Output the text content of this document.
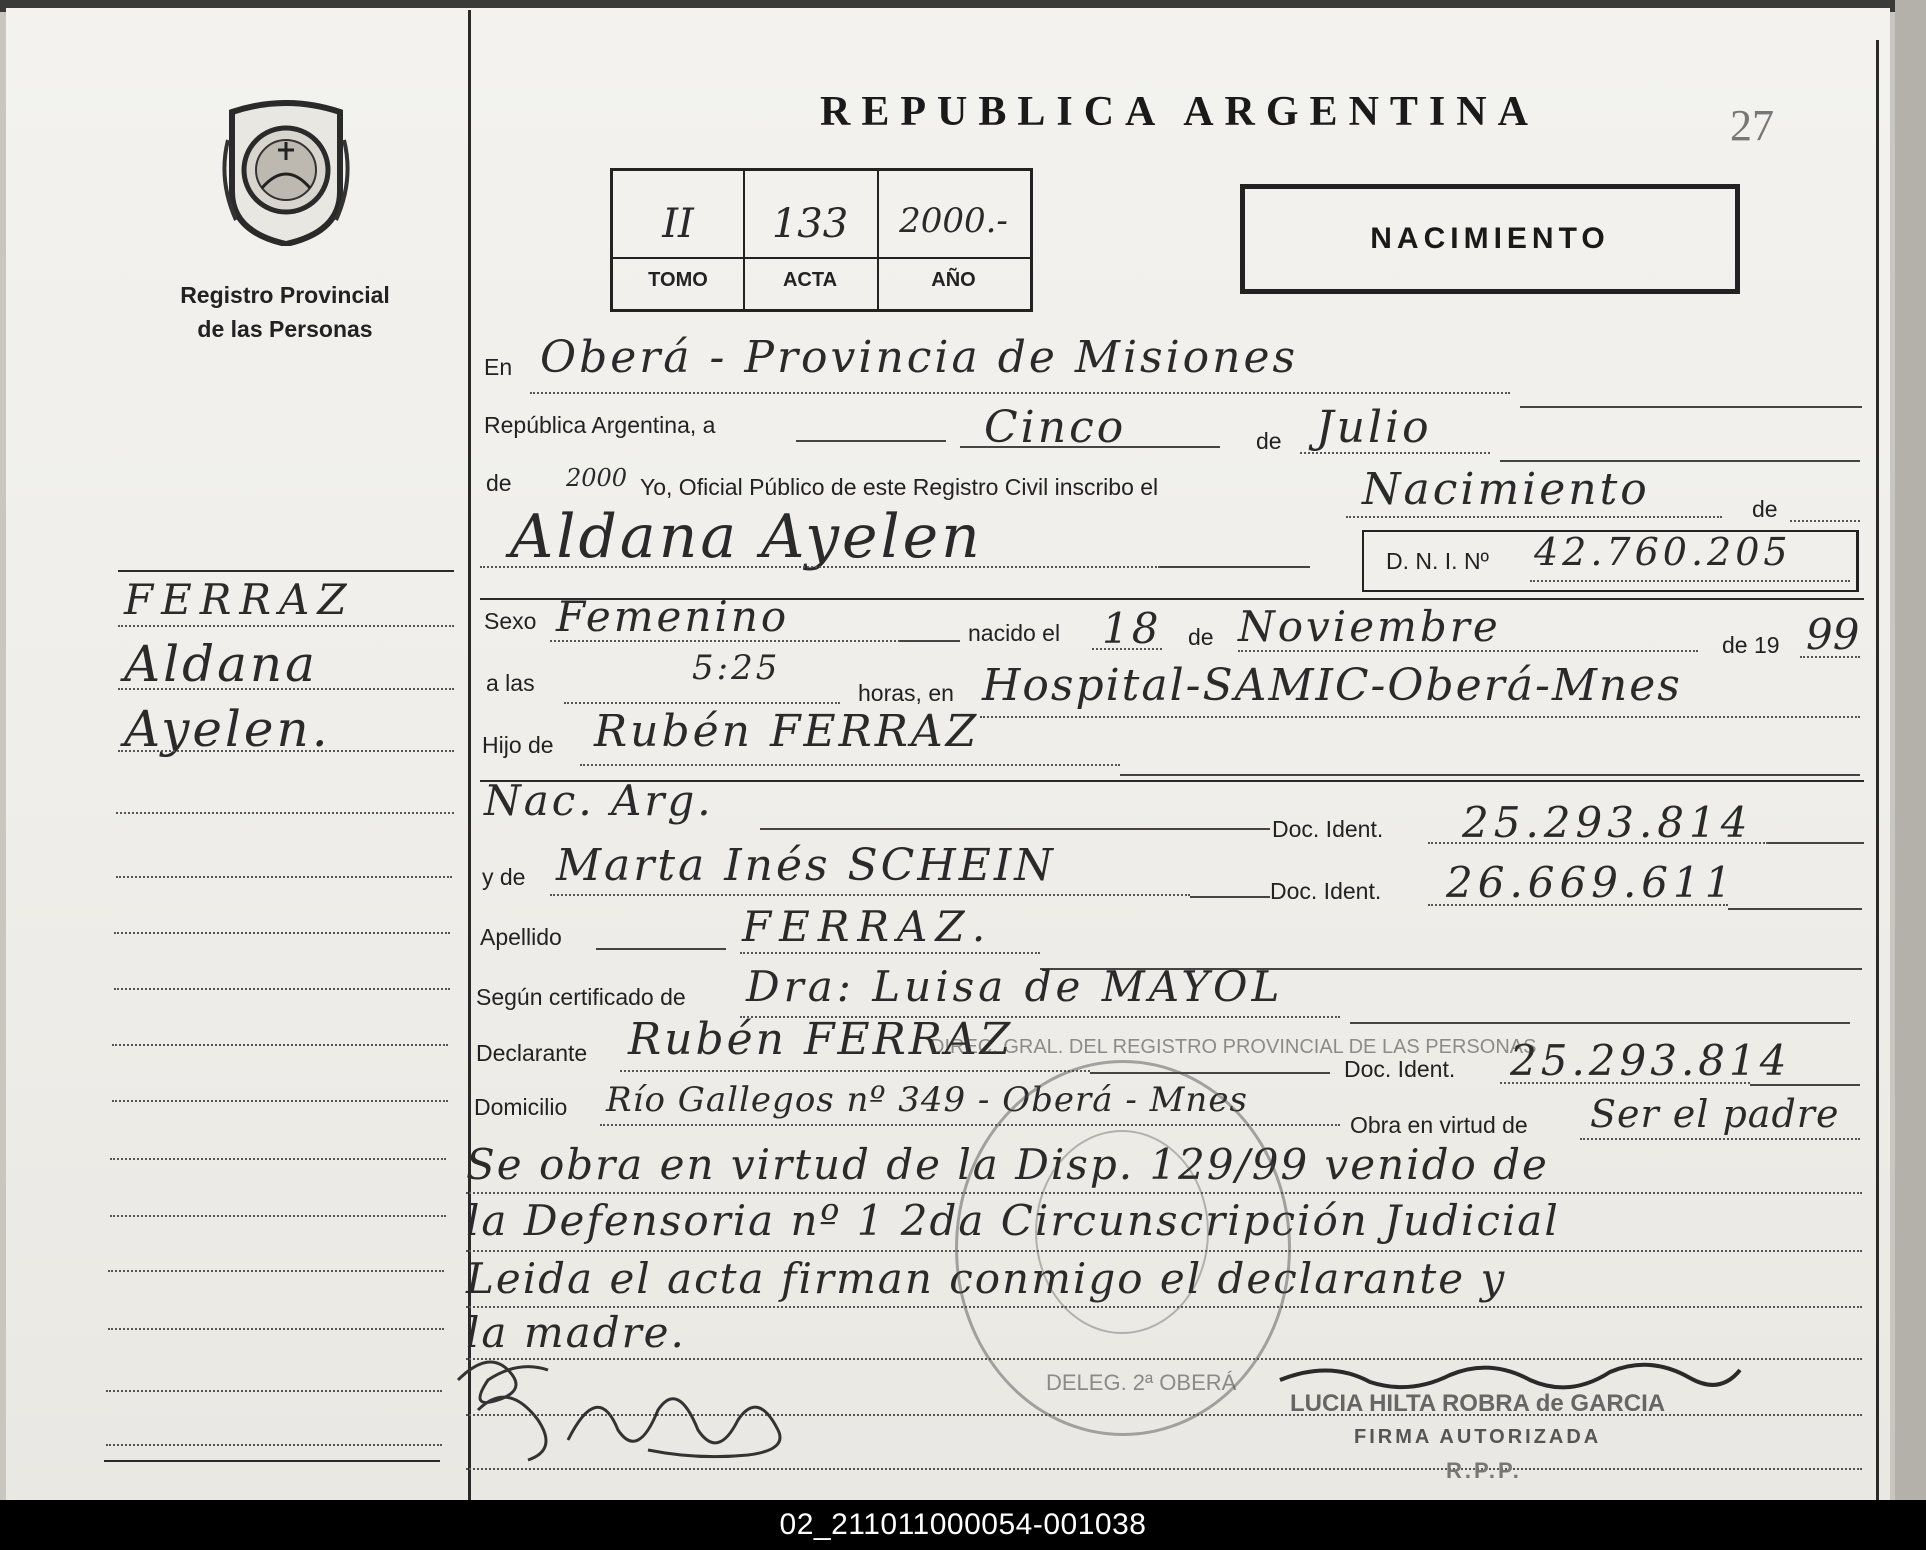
Registro Provincial
de las Personas
FERRAZ
Aldana
Ayelen.
REPUBLICA ARGENTINA	27
II	133	2000.-
TOMO	ACTA	AÑO
NACIMIENTO
En Oberá - Provincia de Misiones
República Argentina, a	Cinco	de Julio
de 2000 Yo, Oficial Público de este Registro Civil inscribo el	Nacimiento	de
Aldana Ayelen	D. N. I. Nº 42.760.205
Sexo Femenino	nacido el 18 de Noviembre	de 19 99
a las	5:25
horas, en Hospital-SAMIC-Oberá-Mnes
Hijo de Rubén FERRAZ
Nac. Arg.
Doc. Ident. 25.293.814
y de Marta Inés SCHEIN	Doc. Ident. 26.669.611
Apellido	FERRAZ.
Según certificado de Dra: Luisa de MAYOL
Declarante Rubén FERRAZ
Doc. Ident. 25.293.814
Domicilio Río Gallegos nº 349 - Oberá - Mnes
Obra en virtud de Ser el padre
Se obra en virtud de la Disp. 129/99 venido de
la Defensoria nº 1 2da Circunscripción Judicial
Leida el acta firman conmigo el declarante y
la madre.
DIREC. GRAL. DEL REGISTRO PROVINCIAL DE LAS PERSONAS
DELEG. 2ª OBERÁ
LUCIA HILTA ROBRA de GARCIA
FIRMA AUTORIZADA
R.P.P.
02_211011000054-001038
